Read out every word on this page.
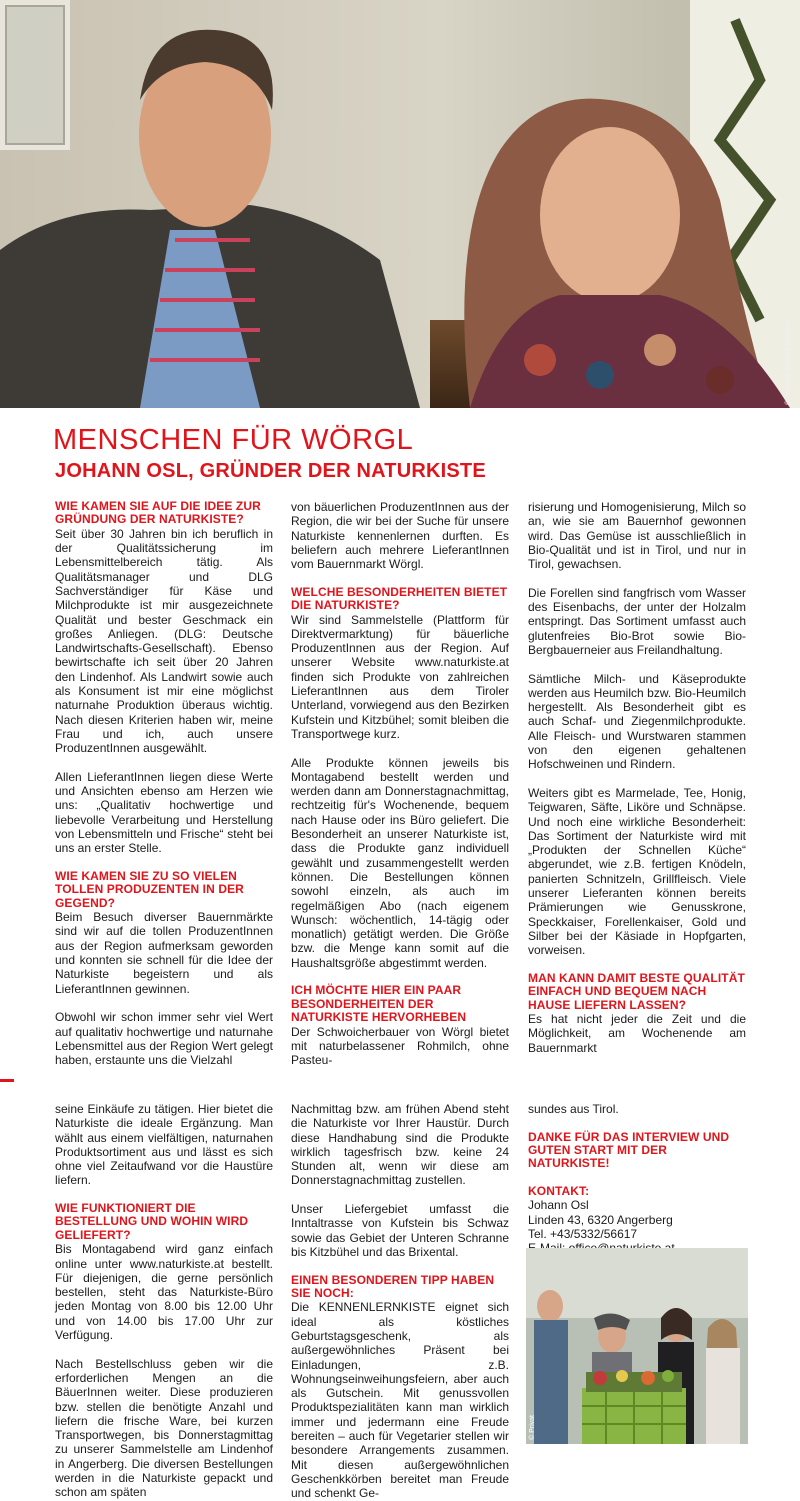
© Barbara Stanzig-Krenzer
MENSCHEN FÜR WÖRGL
JOHANN OSL, GRÜNDER DER NATURKISTE
WIE KAMEN SIE AUF DIE IDEE ZUR GRÜNDUNG DER NATURKISTE?

Seit über 30 Jahren bin ich beruflich in der Qualitätssicherung im Lebensmittelbereich tätig. Als Qualitätsmanager und DLG Sachverständiger für Käse und Milchprodukte ist mir ausgezeichnete Qualität und bester Geschmack ein großes Anliegen. (DLG: Deutsche Landwirtschafts-Gesellschaft). Ebenso bewirtschafte ich seit über 20 Jahren den Lindenhof. Als Landwirt sowie auch als Konsument ist mir eine möglichst naturnahe Produktion überaus wichtig. Nach diesen Kriterien haben wir, meine Frau und ich, auch unsere ProduzentInnen ausgewählt.

Allen LieferantInnen liegen diese Werte und Ansichten ebenso am Herzen wie uns: „Qualitativ hochwertige und liebevolle Verarbeitung und Herstellung von Lebensmitteln und Frische“ steht bei uns an erster Stelle.

WIE KAMEN SIE ZU SO VIELEN TOLLEN PRODUZENTEN IN DER GEGEND?

Beim Besuch diverser Bauernmärkte sind wir auf die tollen ProduzentInnen aus der Region aufmerksam geworden und konnten sie schnell für die Idee der Naturkiste begeistern und als LieferantInnen gewinnen.

Obwohl wir schon immer sehr viel Wert auf qualitativ hochwertige und naturnahe Lebensmittel aus der Region Wert gelegt haben, erstaunte uns die Vielzahl

von bäuerlichen ProduzentInnen aus der Region, die wir bei der Suche für unsere Naturkiste kennenlernen durften. Es beliefern auch mehrere LieferantInnen vom Bauernmarkt Wörgl.

WELCHE BESONDERHEITEN BIETET DIE NATURKISTE?

Wir sind Sammelstelle (Plattform für Direktvermarktung) für bäuerliche ProduzentInnen aus der Region. Auf unserer Website www.naturkiste.at finden sich Produkte von zahlreichen LieferantInnen aus dem Tiroler Unterland, vorwiegend aus den Bezirken Kufstein und Kitzbühel; somit bleiben die Transportwege kurz.

Alle Produkte können jeweils bis Montagabend bestellt werden und werden dann am Donnerstagnachmittag, rechtzeitig für's Wochenende, bequem nach Hause oder ins Büro geliefert. Die Besonderheit an unserer Naturkiste ist, dass die Produkte ganz individuell gewählt und zusammengestellt werden können. Die Bestellungen können sowohl einzeln, als auch im regelmäßigen Abo (nach eigenem Wunsch: wöchentlich, 14-tägig oder monatlich) getätigt werden. Die Größe bzw. die Menge kann somit auf die Haushaltsgröße abgestimmt werden.

ICH MÖCHTE HIER EIN PAAR BESONDERHEITEN DER NATURKISTE HERVORHEBEN

Der Schwoicherbauer von Wörgl bietet mit naturbelassener Rohmilch, ohne Pasteu-

risierung und Homogenisierung, Milch so an, wie sie am Bauernhof gewonnen wird. Das Gemüse ist ausschließlich in Bio-Qualität und ist in Tirol, und nur in Tirol, gewachsen.

Die Forellen sind fangfrisch vom Wasser des Eisenbachs, der unter der Holzalm entspringt. Das Sortiment umfasst auch glutenfreies Bio-Brot sowie Bio-Bergbauerneier aus Freilandhaltung.

Sämtliche Milch- und Käseprodukte werden aus Heumilch bzw. Bio-Heumilch hergestellt. Als Besonderheit gibt es auch Schaf- und Ziegenmilchprodukte. Alle Fleisch- und Wurstwaren stammen von den eigenen gehaltenen Hofschweinen und Rindern.

Weiters gibt es Marmelade, Tee, Honig, Teigwaren, Säfte, Liköre und Schnäpse. Und noch eine wirkliche Besonderheit: Das Sortiment der Naturkiste wird mit „Produkten der Schnellen Küche“ abgerundet, wie z.B. fertigen Knödeln, panierten Schnitzeln, Grillfleisch. Viele unserer Lieferanten können bereits Prämierungen wie Genusskrone, Speckkaiser, Forellenkaiser, Gold und Silber bei der Käsiade in Hopfgarten, vorweisen.

MAN KANN DAMIT BESTE QUALITÄT EINFACH UND BEQUEM NACH HAUSE LIEFERN LASSEN?

Es hat nicht jeder die Zeit und die Möglichkeit, am Wochenende am Bauernmarkt

seine Einkäufe zu tätigen. Hier bietet die Naturkiste die ideale Ergänzung. Man wählt aus einem vielfältigen, naturnahen Produktsortiment aus und lässt es sich ohne viel Zeitaufwand vor die Haustüre liefern.

WIE FUNKTIONIERT DIE BESTELLUNG UND WOHIN WIRD GELIEFERT?

Bis Montagabend wird ganz einfach online unter www.naturkiste.at bestellt. Für diejenigen, die gerne persönlich bestellen, steht das Naturkiste-Büro jeden Montag von 8.00 bis 12.00 Uhr und von 14.00 bis 17.00 Uhr zur Verfügung.

Nach Bestellschluss geben wir die erforderlichen Mengen an die BäuerInnen weiter. Diese produzieren bzw. stellen die benötigte Anzahl und liefern die frische Ware, bei kurzen Transportwegen, bis Donnerstagmittag zu unserer Sammelstelle am Lindenhof in Angerberg. Die diversen Bestellungen werden in die Naturkiste gepackt und schon am späten

Nachmittag bzw. am frühen Abend steht die Naturkiste vor Ihrer Haustür. Durch diese Handhabung sind die Produkte wirklich tagesfrisch bzw. keine 24 Stunden alt, wenn wir diese am Donnerstagnachmittag zustellen.

Unser Liefergebiet umfasst die Inntaltrasse von Kufstein bis Schwaz sowie das Gebiet der Unteren Schranne bis Kitzbühel und das Brixental.

EINEN BESONDEREN TIPP HABEN SIE NOCH:

Die KENNENLERNKISTE eignet sich ideal als köstliches Geburtstagsgeschenk, als außergewöhnliches Präsent bei Einladungen, z.B. Wohnungseinweihungsfeiern, aber auch als Gutschein. Mit genussvollen Produktspezialitäten kann man wirklich immer und jedermann eine Freude bereiten – auch für Vegetarier stellen wir besondere Arrangements zusammen. Mit diesen außergewöhnlichen Geschenkkörben bereitet man Freude und schenkt Ge-

sundes aus Tirol.

DANKE FÜR DAS INTERVIEW UND GUTEN START MIT DER NATURKISTE!
KONTAKT:
Johann Osl
Linden 43, 6320 Angerberg
Tel. +43/5332/56617
© Privat
